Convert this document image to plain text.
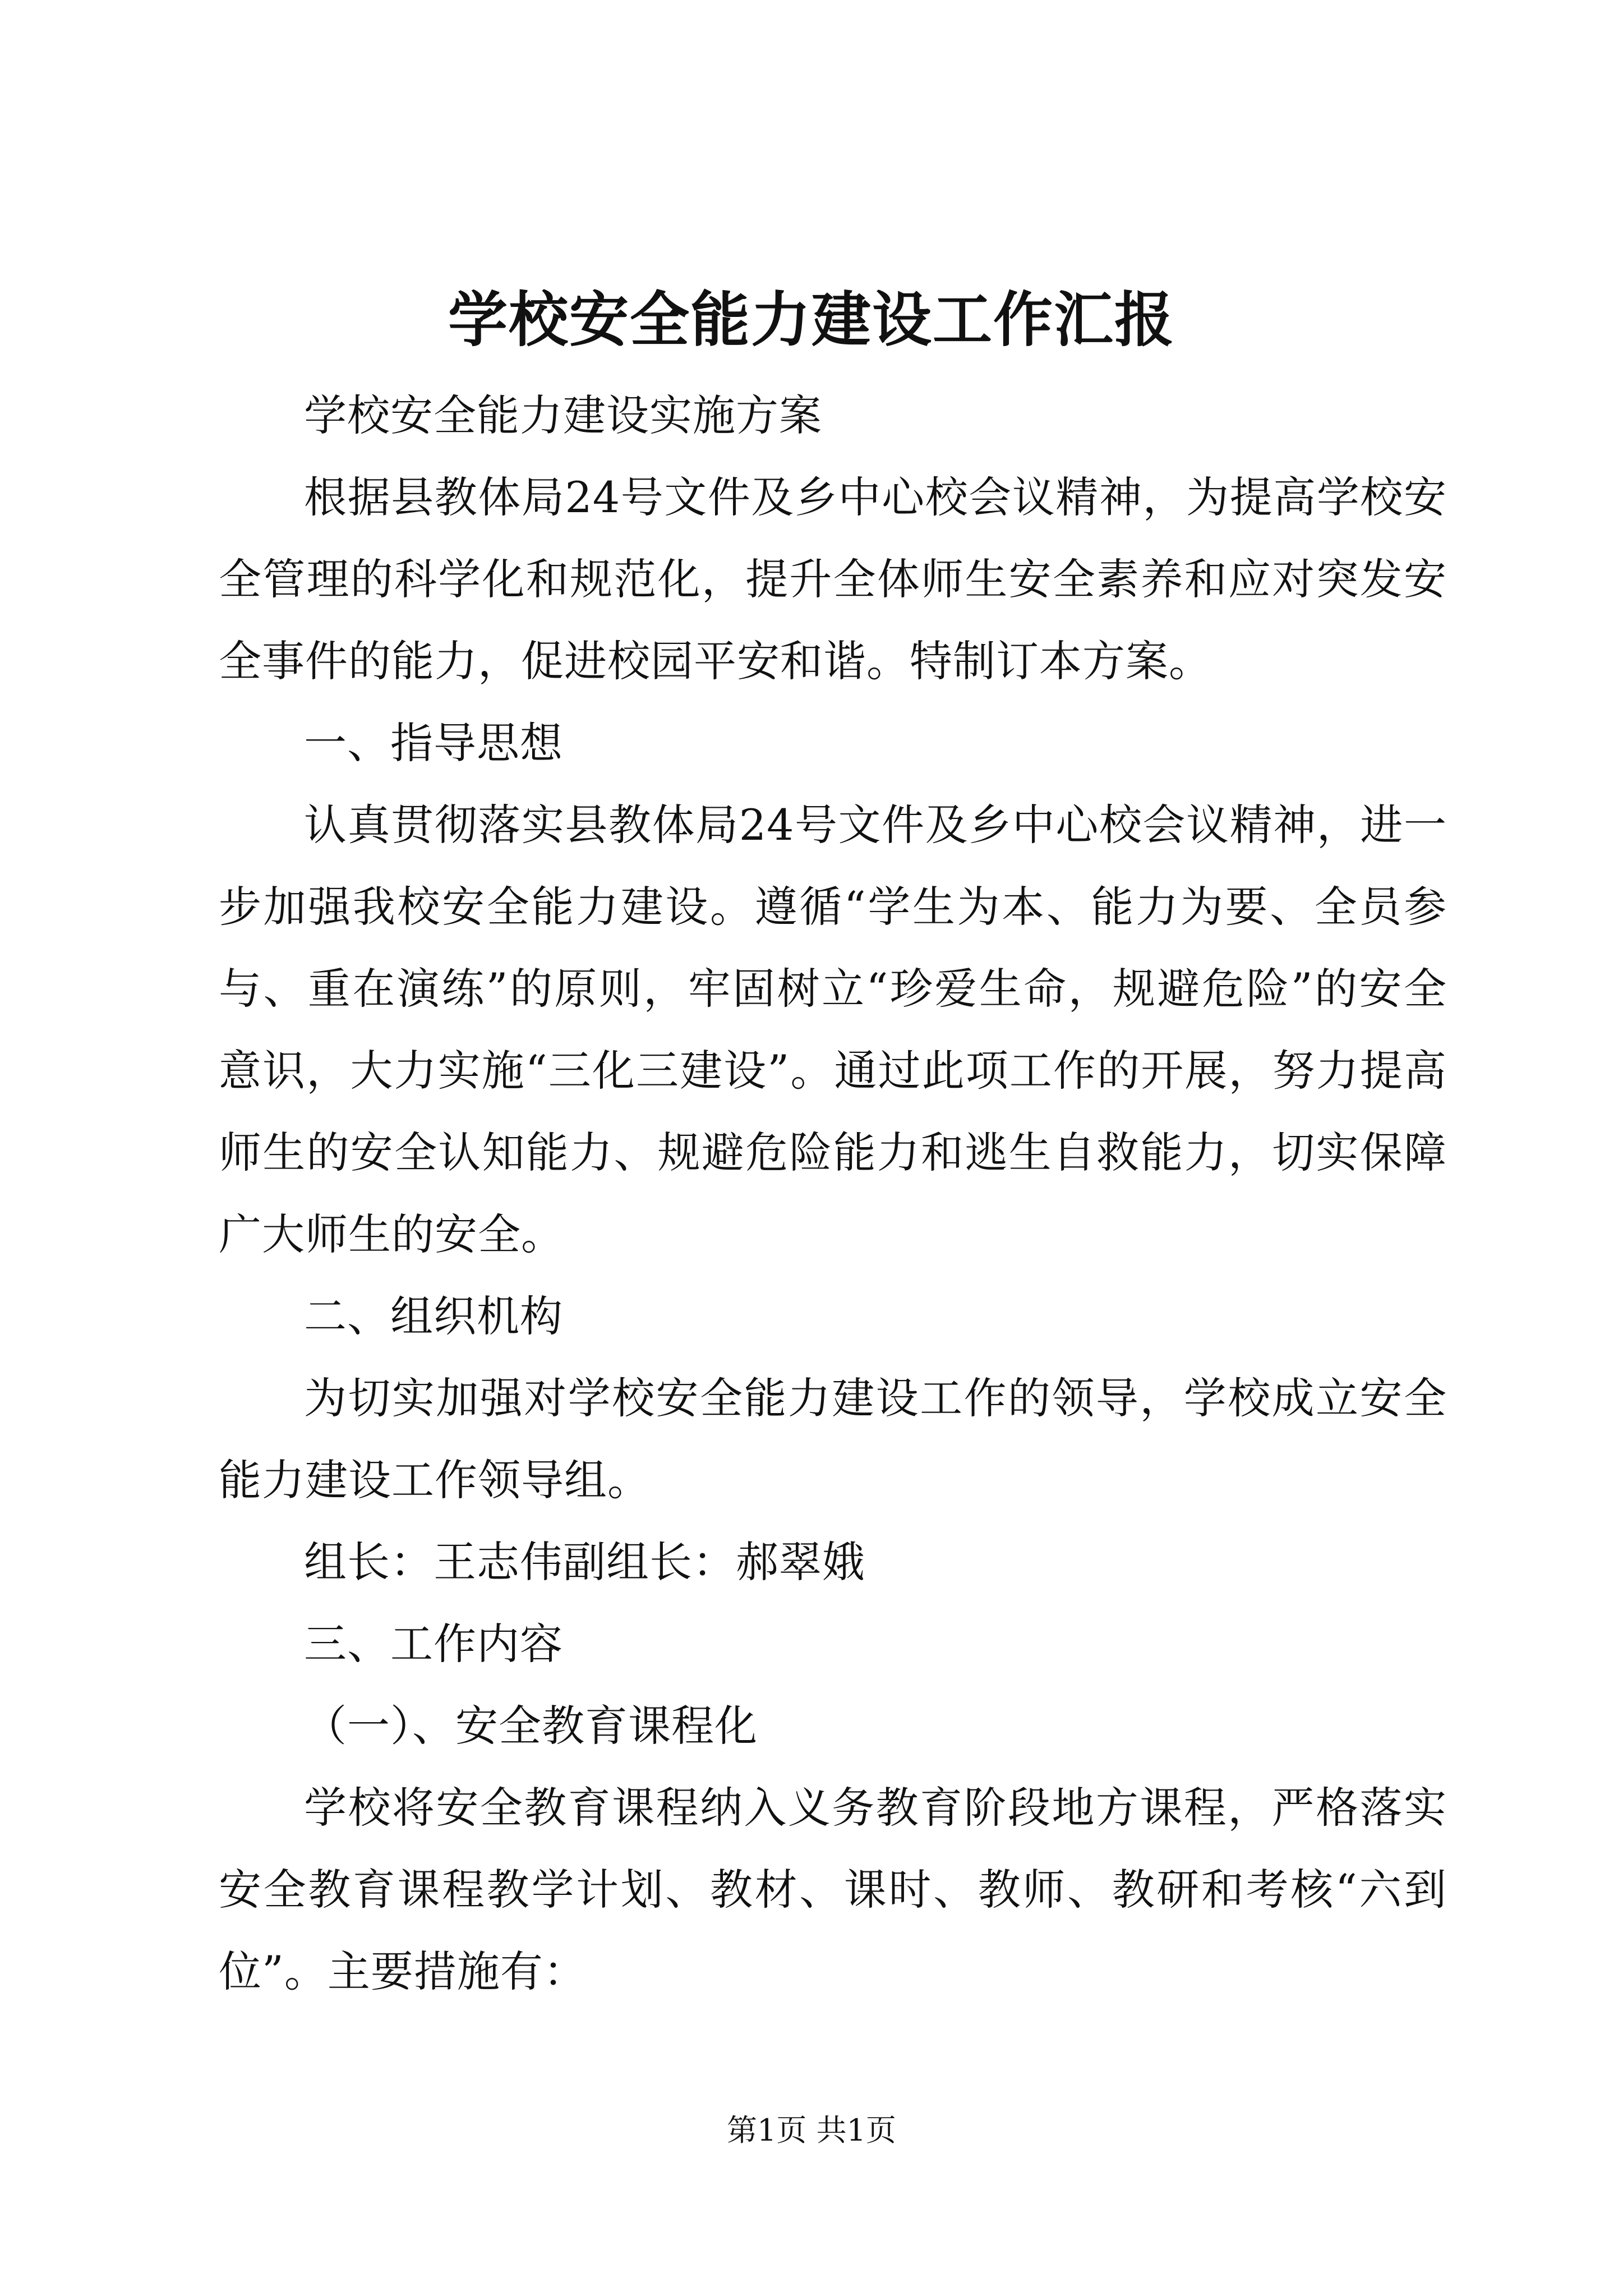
学校安全能力建设工作汇报

学校安全能力建设实施方案

根据县教体局24号文件及乡中心校会议精神，为提高学校安全管理的科学化和规范化，提升全体师生安全素养和应对突发安全事件的能力，促进校园平安和谐。特制订本方案。

一、指导思想

认真贯彻落实县教体局24号文件及乡中心校会议精神，进一步加强我校安全能力建设。遵循“学生为本、能力为要、全员参与、重在演练”的原则，牢固树立“珍爱生命，规避危险”的安全意识，大力实施“三化三建设”。通过此项工作的开展，努力提高师生的安全认知能力、规避危险能力和逃生自救能力，切实保障广大师生的安全。

二、组织机构

为切实加强对学校安全能力建设工作的领导，学校成立安全能力建设工作领导组。

组长：王志伟副组长：郝翠娥

三、工作内容

（一）、安全教育课程化

学校将安全教育课程纳入义务教育阶段地方课程，严格落实安全教育课程教学计划、教材、课时、教师、教研和考核“六到位”。主要措施有：

第1页 共1页
